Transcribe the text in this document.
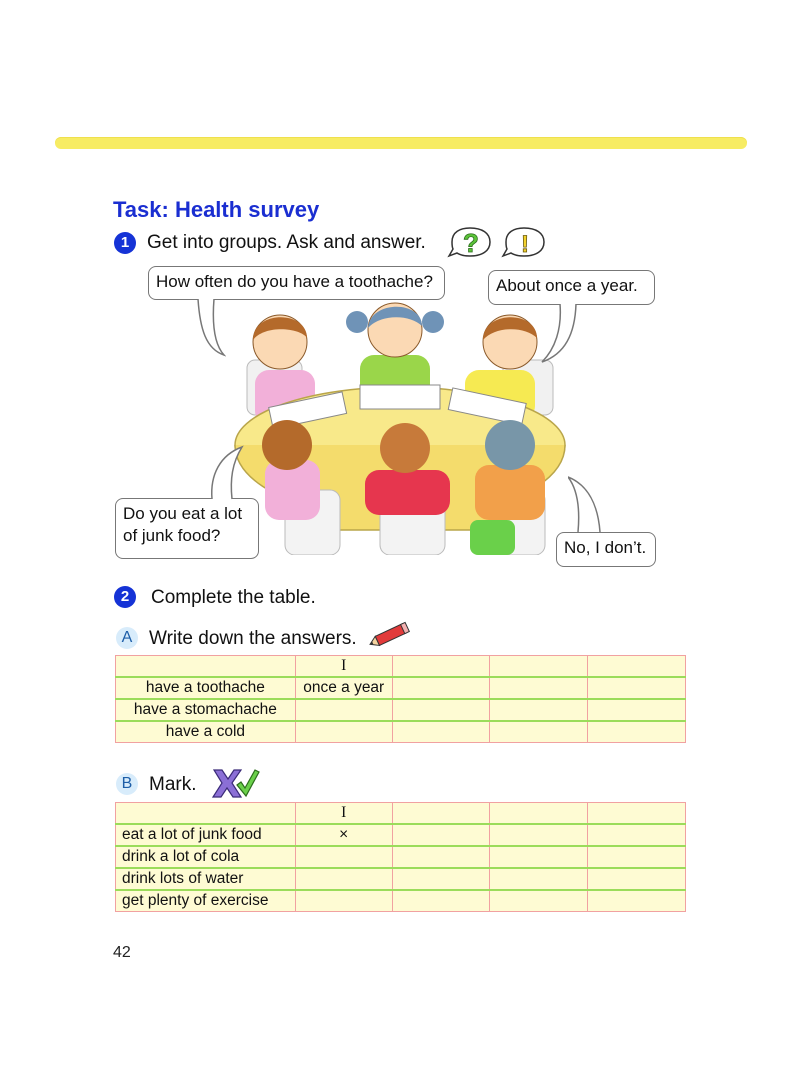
Task: Health survey
1 Get into groups. Ask and answer. ? !
How often do you have a toothache?	About once a year.
Do you eat a lot
of junk food?
No, I don’t.
2	Complete the table.
A Write down the answers.
	I			
have a toothache	once a year			
have a stomachache				
have a cold				
B Mark.
	I			
eat a lot of junk food	×			
drink a lot of cola				
drink lots of water				
get plenty of exercise				
42
